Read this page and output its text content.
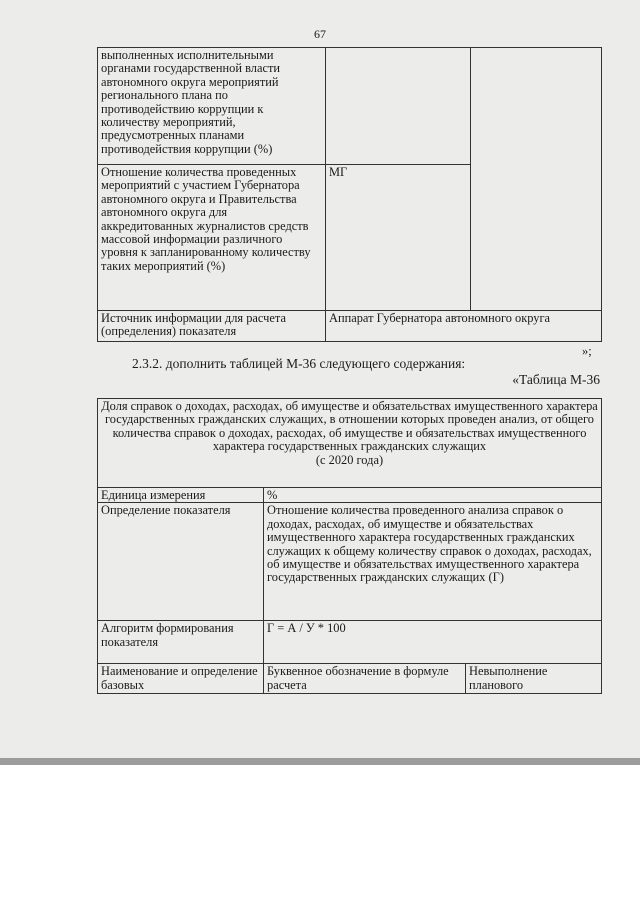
67
выполненных исполнительными органами государственной власти автономного округа мероприятий регионального плана по противодействию коррупции к количеству мероприятий, предусмотренных планами противодействия коррупции (%)		
Отношение количества проведенных мероприятий с участием Губернатора автономного округа и Правительства автономного округа для аккредитованных журналистов средств массовой информации различного уровня к запланированному количеству таких мероприятий (%)	МГ	
Источник информации для расчета (определения) показателя	Аппарат Губернатора автономного округа	
»;
2.3.2. дополнить таблицей М-36 следующего содержания:
«Таблица М-36
Доля справок о доходах, расходах, об имуществе и обязательствах имущественного характера государственных гражданских служащих, в отношении которых проведен анализ, от общего количества справок о доходах, расходах, об имуществе и обязательствах имущественного характера государственных гражданских служащих
(с 2020 года)		
Единица измерения	%	
Определение показателя	Отношение количества проведенного анализа справок о доходах, расходах, об имуществе и обязательствах имущественного характера государственных гражданских служащих к общему количеству справок о доходах, расходах, об имуществе и обязательствах имущественного характера государственных гражданских служащих (Г)	
Алгоритм формирования показателя	Г = А / У * 100	
Наименование и определение базовых	Буквенное обозначение в формуле расчета	Невыполнение планового
